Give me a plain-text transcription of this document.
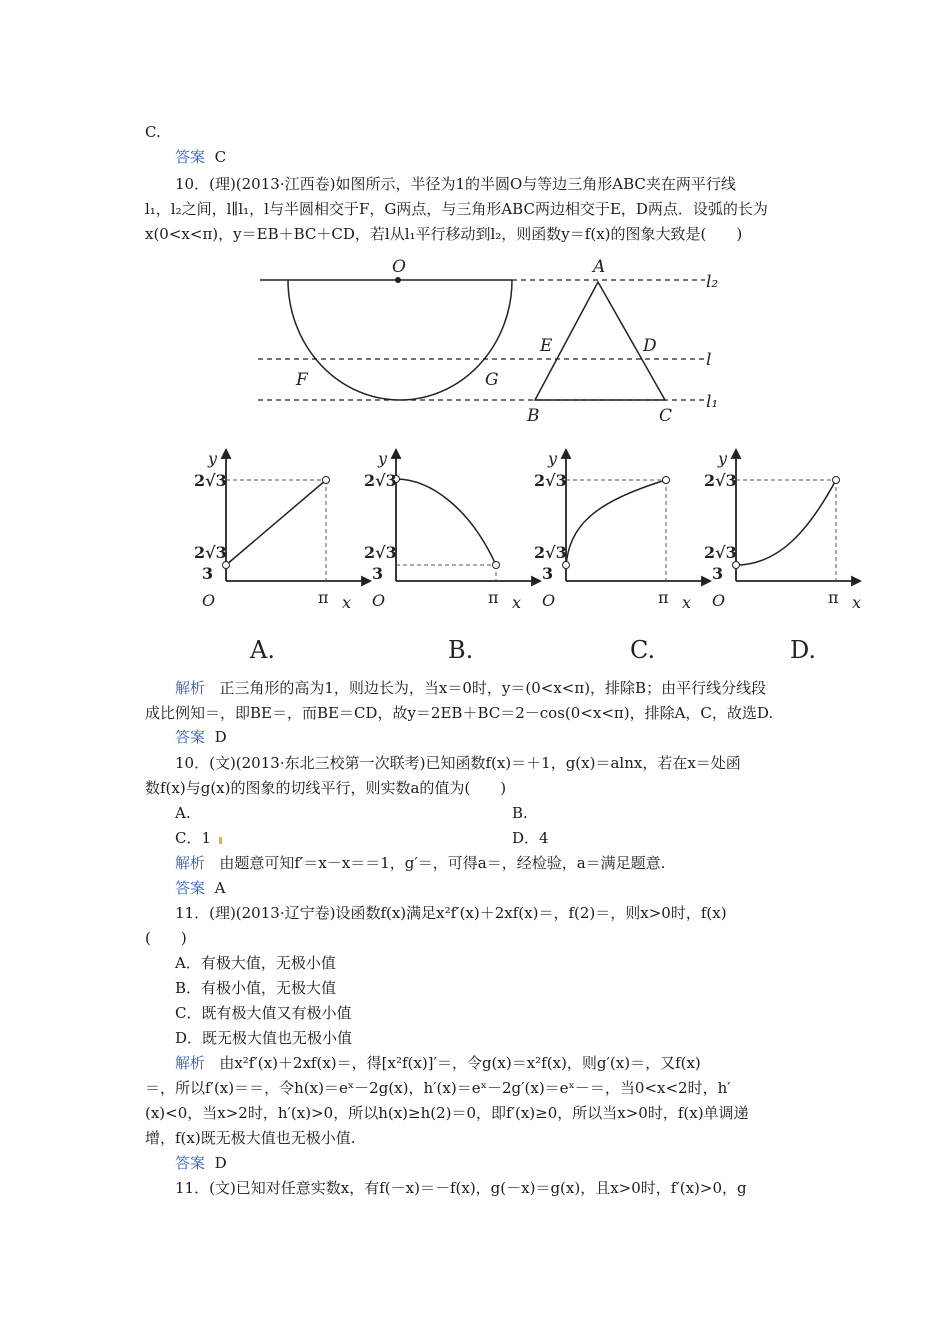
C.
答案 C
10．(理)(2013·江西卷)如图所示，半径为1的半圆O与等边三角形ABC夹在两平行线
l₁，l₂之间，l∥l₁，l与半圆相交于F，G两点，与三角形ABC两边相交于E，D两点．设弧的长为
x(0<x<π)，y＝EB＋BC＋CD，若l从l₁平行移动到l₂，则函数y＝f(x)的图象大致是(　　)
O	A
E	D
F	G
B	C
l₂
l
l₁
y
2√3
2√3
3
O	π x
A.
y
2√3
2√3
3
O	π x
B.
y
2√3
2√3
3
O	π x
C.
y
2√3
2√3
3
O	π x
D.
解析 正三角形的高为1，则边长为，当x＝0时，y＝(0<x<π)，排除B；由平行线分线段
成比例知＝，即BE＝，而BE＝CD，故y＝2EB＋BC＝2－cos(0<x<π)，排除A，C，故选D.
答案 D
10．(文)(2013·东北三校第一次联考)已知函数f(x)＝＋1，g(x)＝alnx，若在x＝处函
数f(x)与g(x)的图象的切线平行，则实数a的值为(　　)
A.	B.
C．1	D．4
解析 由题意可知f′＝x－x＝＝1，g′＝，可得a＝，经检验，a＝满足题意.
答案 A
11．(理)(2013·辽宁卷)设函数f(x)满足x²f′(x)＋2xf(x)＝，f(2)＝，则x>0时，f(x)
(　　)
A．有极大值，无极小值
B．有极小值，无极大值
C．既有极大值又有极小值
D．既无极大值也无极小值
解析 由x²f′(x)＋2xf(x)＝，得[x²f(x)]′＝，令g(x)＝x²f(x)，则g′(x)＝，又f(x)
＝，所以f′(x)＝＝，令h(x)＝eˣ－2g(x)，h′(x)＝eˣ－2g′(x)＝eˣ－＝，当0<x<2时，h′
(x)<0，当x>2时，h′(x)>0，所以h(x)≥h(2)＝0，即f′(x)≥0，所以当x>0时，f(x)单调递
增，f(x)既无极大值也无极小值.
答案 D
11．(文)已知对任意实数x，有f(－x)＝－f(x)，g(－x)＝g(x)，且x>0时，f′(x)>0，g
